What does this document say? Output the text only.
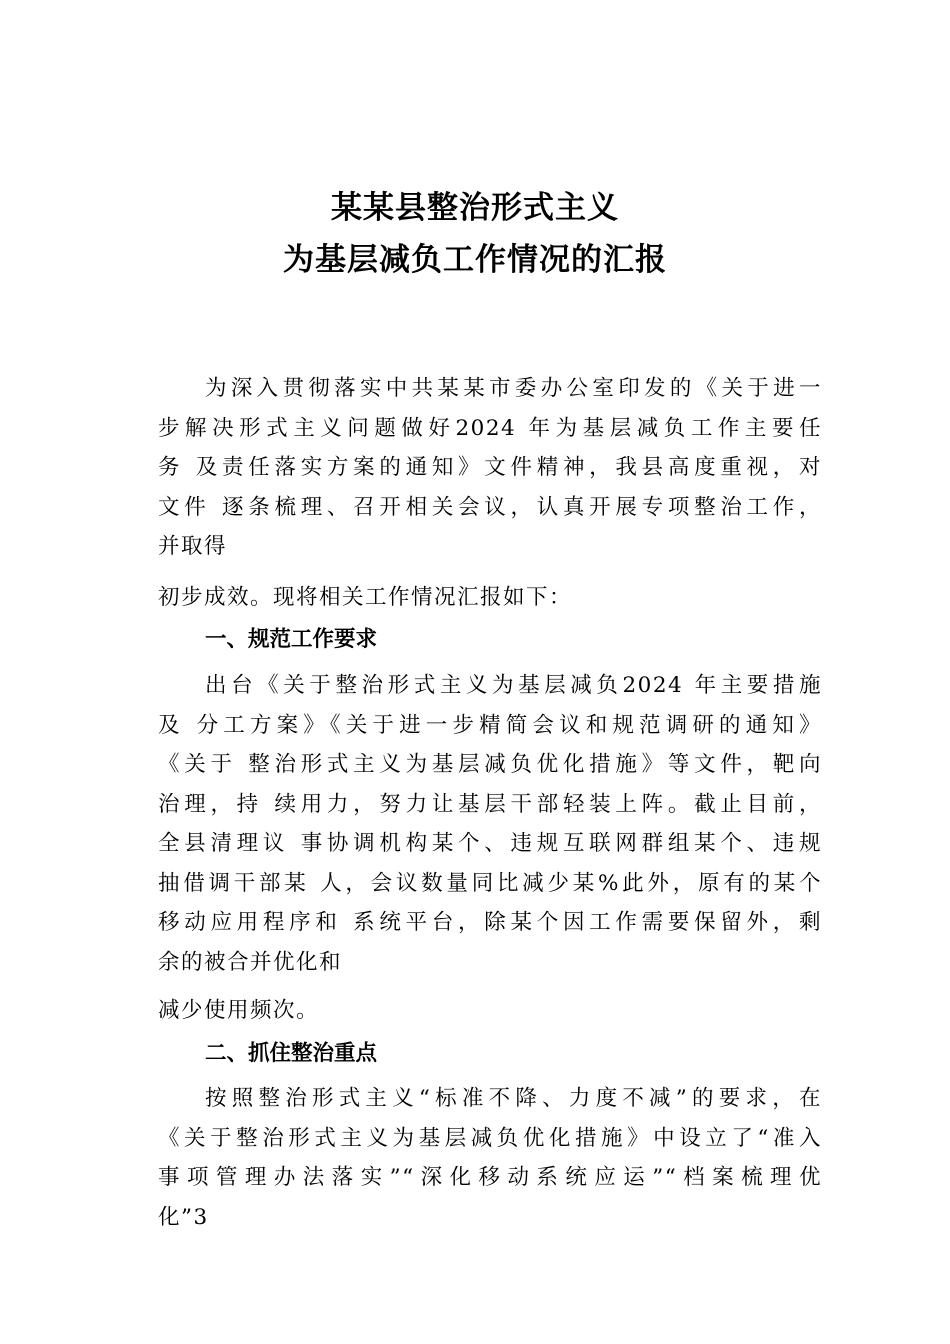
某某县整治形式主义
为基层减负工作情况的汇报

为深入贯彻落实中共某某市委办公室印发的《关于进一
步解决形式主义问题做好2024 年为基层减负工作主要任
务 及责任落实方案的通知》文件精神，我县高度重视，对
文件 逐条梳理、召开相关会议，认真开展专项整治工作，
并取得

初步成效。现将相关工作情况汇报如下：

一、规范工作要求

出台《关于整治形式主义为基层减负2024 年主要措施
及 分工方案》《关于进一步精简会议和规范调研的通知》
《关于 整治形式主义为基层减负优化措施》等文件，靶向
治理，持 续用力，努力让基层干部轻装上阵。截止目前，
全县清理议 事协调机构某个、违规互联网群组某个、违规
抽借调干部某 人，会议数量同比减少某%此外，原有的某个
移动应用程序和 系统平台，除某个因工作需要保留外，剩
余的被合并优化和

减少使用频次。

二、抓住整治重点

按照整治形式主义“标准不降、力度不减”的要求，在
《关于整治形式主义为基层减负优化措施》中设立了“准入
事项管理办法落实”“深化移动系统应运”“档案梳理优
化”3
